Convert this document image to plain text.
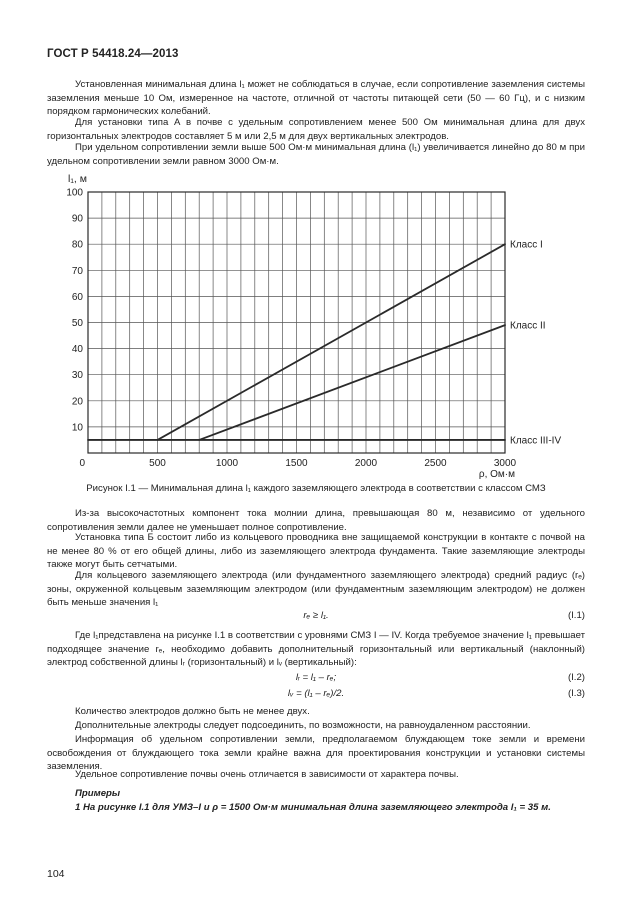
ГОСТ Р 54418.24—2013
Установленная минимальная длина l₁ может не соблюдаться в случае, если сопротивление заземления системы заземления меньше 10 Ом, измеренное на частоте, отличной от частоты питающей сети (50 — 60 Гц), и с низким порядком гармонических колебаний.
Для установки типа А в почве с удельным сопротивлением менее 500 Ом минимальная длина для двух горизонтальных электродов составляет 5 м или 2,5 м для двух вертикальных электродов.
При удельном сопротивлении земли выше 500 Ом·м минимальная длина (l₁) увеличивается линейно до 80 м при удельном сопротивлении земли равном 3000 Ом·м.
10
20
30
40
50
60
70
80
90
100
0	500	1000	1500	2000	2500	3000
l₁, м
ρ, Ом·м
Класс I
Класс II
Класс III-IV
Рисунок I.1 — Минимальная длина l₁ каждого заземляющего электрода в соответствии с классом СМЗ
Из-за высокочастотных компонент тока молнии длина, превышающая 80 м, независимо от удельного сопротивления земли далее не уменьшает полное сопротивление.
Установка типа Б состоит либо из кольцевого проводника вне защищаемой конструкции в контакте с почвой на не менее 80 % от его общей длины, либо из заземляющего электрода фундамента. Такие заземляющие электроды также могут быть сетчатыми.
Для кольцевого заземляющего электрода (или фундаментного заземляющего электрода) средний радиус (rₑ) зоны, окруженной кольцевым заземляющим электродом (или фундаментным заземляющим электродом) не должен быть меньше значения l₁
rₑ ≥ l₁.	(I.1)
Где l₁представлена на рисунке I.1 в соответствии с уровнями СМЗ I — IV. Когда требуемое значение l₁ превышает подходящее значение rₑ, необходимо добавить дополнительный горизонтальный или вертикальный (наклонный) электрод собственной длины lᵣ (горизонтальный) и lᵥ (вертикальный):
lᵣ = l₁ – rₑ;	(I.2)
lᵥ = (l₁ – rₑ)/2.	(I.3)
Количество электродов должно быть не менее двух.
Дополнительные электроды следует подсоединить, по возможности, на равноудаленном расстоянии.
Информация об удельном сопротивлении земли, предполагаемом блуждающем токе земли и времени освобождения от блуждающего тока земли крайне важна для проектирования конструкции и установки системы заземления.
Удельное сопротивление почвы очень отличается в зависимости от характера почвы.
Примеры
1 На рисунке I.1 для УМЗ–I и ρ = 1500 Ом·м минимальная длина заземляющего электрода l₁ = 35 м.
104
